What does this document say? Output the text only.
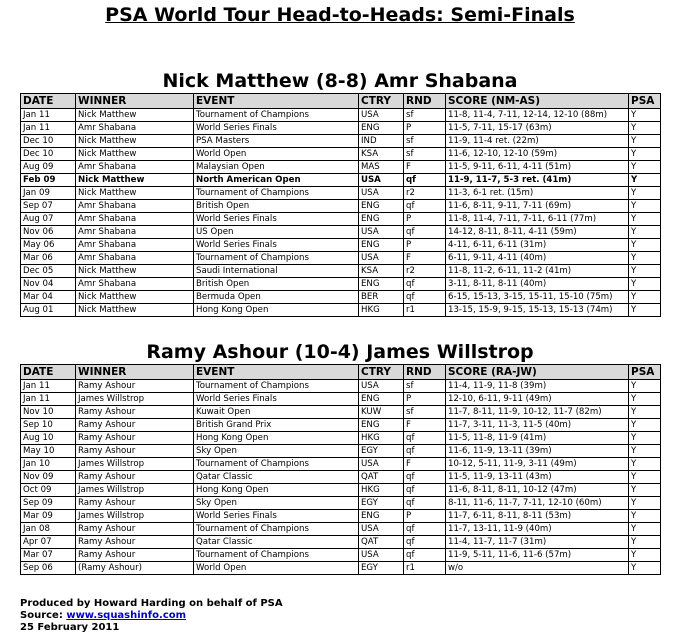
PSA World Tour Head-to-Heads: Semi-Finals
Nick Matthew (8-8) Amr Shabana
DATE	WINNER	EVENT	CTRY	RND	SCORE (NM-AS)	PSA
Jan 11	Nick Matthew	Tournament of Champions	USA	sf	11-8, 11-4, 7-11, 12-14, 12-10 (88m)	Y
Jan 11	Amr Shabana	World Series Finals	ENG	P	11-5, 7-11, 15-17 (63m)	Y
Dec 10	Nick Matthew	PSA Masters	IND	sf	11-9, 11-4 ret. (22m)	Y
Dec 10	Nick Matthew	World Open	KSA	sf	11-6, 12-10, 12-10 (59m)	Y
Aug 09	Amr Shabana	Malaysian Open	MAS	F	11-5, 9-11, 6-11, 4-11 (51m)	Y
Feb 09	Nick Matthew	North American Open	USA	qf	11-9, 11-7, 5-3 ret. (41m)	Y
Jan 09	Nick Matthew	Tournament of Champions	USA	r2	11-3, 6-1 ret. (15m)	Y
Sep 07	Amr Shabana	British Open	ENG	qf	11-6, 8-11, 9-11, 7-11 (69m)	Y
Aug 07	Amr Shabana	World Series Finals	ENG	P	11-8, 11-4, 7-11, 7-11, 6-11 (77m)	Y
Nov 06	Amr Shabana	US Open	USA	qf	14-12, 8-11, 8-11, 4-11 (59m)	Y
May 06	Amr Shabana	World Series Finals	ENG	P	4-11, 6-11, 6-11 (31m)	Y
Mar 06	Amr Shabana	Tournament of Champions	USA	F	6-11, 9-11, 4-11 (40m)	Y
Dec 05	Nick Matthew	Saudi International	KSA	r2	11-8, 11-2, 6-11, 11-2 (41m)	Y
Nov 04	Amr Shabana	British Open	ENG	qf	3-11, 8-11, 8-11 (40m)	Y
Mar 04	Nick Matthew	Bermuda Open	BER	qf	6-15, 15-13, 3-15, 15-11, 15-10 (75m)	Y
Aug 01	Nick Matthew	Hong Kong Open	HKG	r1	13-15, 15-9, 9-15, 15-13, 15-13 (74m)	Y
Ramy Ashour (10-4) James Willstrop
DATE	WINNER	EVENT	CTRY	RND	SCORE (RA-JW)	PSA
Jan 11	Ramy Ashour	Tournament of Champions	USA	sf	11-4, 11-9, 11-8 (39m)	Y
Jan 11	James Willstrop	World Series Finals	ENG	P	12-10, 6-11, 9-11 (49m)	Y
Nov 10	Ramy Ashour	Kuwait Open	KUW	sf	11-7, 8-11, 11-9, 10-12, 11-7 (82m)	Y
Sep 10	Ramy Ashour	British Grand Prix	ENG	F	11-7, 3-11, 11-3, 11-5 (40m)	Y
Aug 10	Ramy Ashour	Hong Kong Open	HKG	qf	11-5, 11-8, 11-9 (41m)	Y
May 10	Ramy Ashour	Sky Open	EGY	qf	11-6, 11-9, 13-11 (39m)	Y
Jan 10	James Willstrop	Tournament of Champions	USA	F	10-12, 5-11, 11-9, 3-11 (49m)	Y
Nov 09	Ramy Ashour	Qatar Classic	QAT	qf	11-5, 11-9, 13-11 (43m)	Y
Oct 09	James Willstrop	Hong Kong Open	HKG	qf	11-6, 8-11, 8-11, 10-12 (47m)	Y
Sep 09	Ramy Ashour	Sky Open	EGY	qf	8-11, 11-6, 11-7, 7-11, 12-10 (60m)	Y
Mar 09	James Willstrop	World Series Finals	ENG	P	11-7, 6-11, 8-11, 8-11 (53m)	Y
Jan 08	Ramy Ashour	Tournament of Champions	USA	qf	11-7, 13-11, 11-9 (40m)	Y
Apr 07	Ramy Ashour	Qatar Classic	QAT	qf	11-4, 11-7, 11-7 (31m)	Y
Mar 07	Ramy Ashour	Tournament of Champions	USA	qf	11-9, 5-11, 11-6, 11-6 (57m)	Y
Sep 06	(Ramy Ashour)	World Open	EGY	r1	w/o	Y
Produced by Howard Harding on behalf of PSA
Source: www.squashinfo.com
25 February 2011
